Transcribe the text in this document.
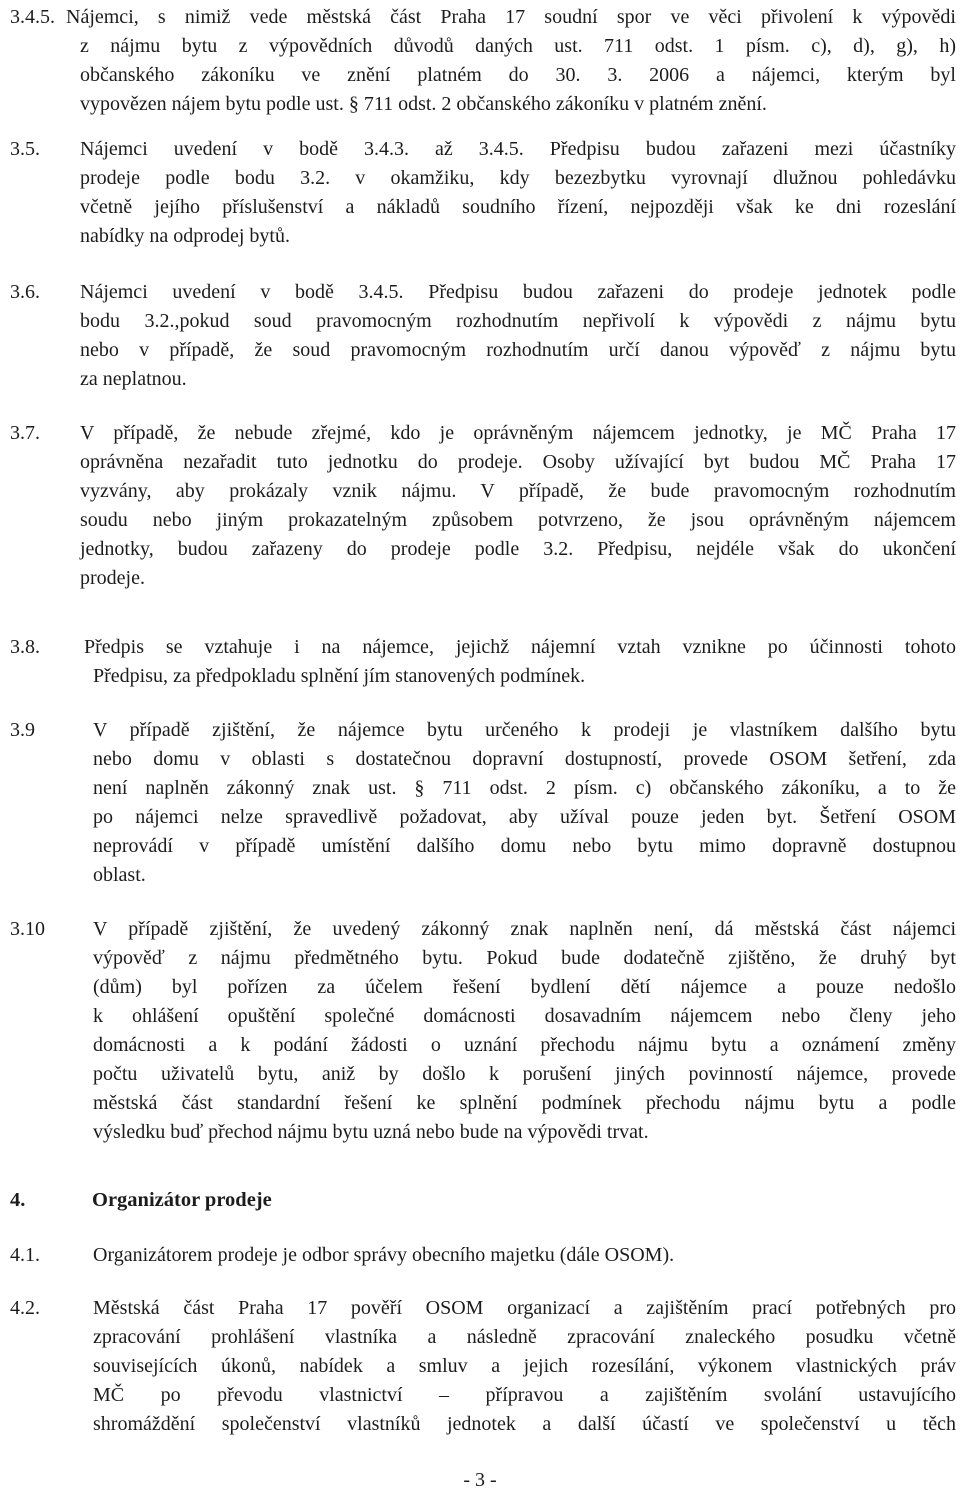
3.4.5. Nájemci, s nimiž vede městská část Praha 17 soudní spor ve věci přivolení k výpovědi
z nájmu bytu z výpovědních důvodů daných ust. 711 odst. 1 písm. c), d), g), h)
občanského zákoníku ve znění platném do 30. 3. 2006 a nájemci, kterým byl
vypovězen nájem bytu podle ust. § 711 odst. 2 občanského zákoníku v platném znění.
3.5. Nájemci uvedení v bodě 3.4.3. až 3.4.5. Předpisu budou zařazeni mezi účastníky
prodeje podle bodu 3.2. v okamžiku, kdy bezezbytku vyrovnají dlužnou pohledávku
včetně jejího příslušenství a nákladů soudního řízení, nejpozději však ke dni rozeslání
nabídky na odprodej bytů.
3.6. Nájemci uvedení v bodě 3.4.5. Předpisu budou zařazeni do prodeje jednotek podle
bodu 3.2.,pokud soud pravomocným rozhodnutím nepřivolí k výpovědi z nájmu bytu
nebo v případě, že soud pravomocným rozhodnutím určí danou výpověď z nájmu bytu
za neplatnou.
3.7. V případě, že nebude zřejmé, kdo je oprávněným nájemcem jednotky, je MČ Praha 17
oprávněna nezařadit tuto jednotku do prodeje. Osoby užívající byt budou MČ Praha 17
vyzvány, aby prokázaly vznik nájmu. V případě, že bude pravomocným rozhodnutím
soudu nebo jiným prokazatelným způsobem potvrzeno, že jsou oprávněným nájemcem
jednotky, budou zařazeny do prodeje podle 3.2. Předpisu, nejdéle však do ukončení
prodeje.
3.8. Předpis se vztahuje i na nájemce, jejichž nájemní vztah vznikne po účinnosti tohoto
Předpisu, za předpokladu splnění jím stanovených podmínek.
3.9	V případě zjištění, že nájemce bytu určeného k prodeji je vlastníkem dalšího bytu
nebo domu v oblasti s dostatečnou dopravní dostupností, provede OSOM šetření, zda
není naplněn zákonný znak ust. § 711 odst. 2 písm. c) občanského zákoníku, a to že
po nájemci nelze spravedlivě požadovat, aby užíval pouze jeden byt. Šetření OSOM
neprovádí v případě umístění dalšího domu nebo bytu mimo dopravně dostupnou
oblast.
3.10 V případě zjištění, že uvedený zákonný znak naplněn není, dá městská část nájemci
výpověď z nájmu předmětného bytu. Pokud bude dodatečně zjištěno, že druhý byt
(dům) byl pořízen za účelem řešení bydlení dětí nájemce a pouze nedošlo
k ohlášení opuštění společné domácnosti dosavadním nájemcem nebo členy jeho
domácnosti a k podání žádosti o uznání přechodu nájmu bytu a oznámení změny
počtu uživatelů bytu, aniž by došlo k porušení jiných povinností nájemce, provede
městská část standardní řešení ke splnění podmínek přechodu nájmu bytu a podle
výsledku buď přechod nájmu bytu uzná nebo bude na výpovědi trvat.
4.	Organizátor prodeje
4.1.	Organizátorem prodeje je odbor správy obecního majetku (dále OSOM).
4.2.	Městská část Praha 17 pověří OSOM organizací a zajištěním prací potřebných pro
zpracování prohlášení vlastníka a následně zpracování znaleckého posudku včetně
souvisejících úkonů, nabídek a smluv a jejich rozesílání, výkonem vlastnických práv
MČ po převodu vlastnictví – přípravou a zajištěním svolání ustavujícího
shromáždění společenství vlastníků jednotek a další účastí ve společenství u těch
- 3 -
